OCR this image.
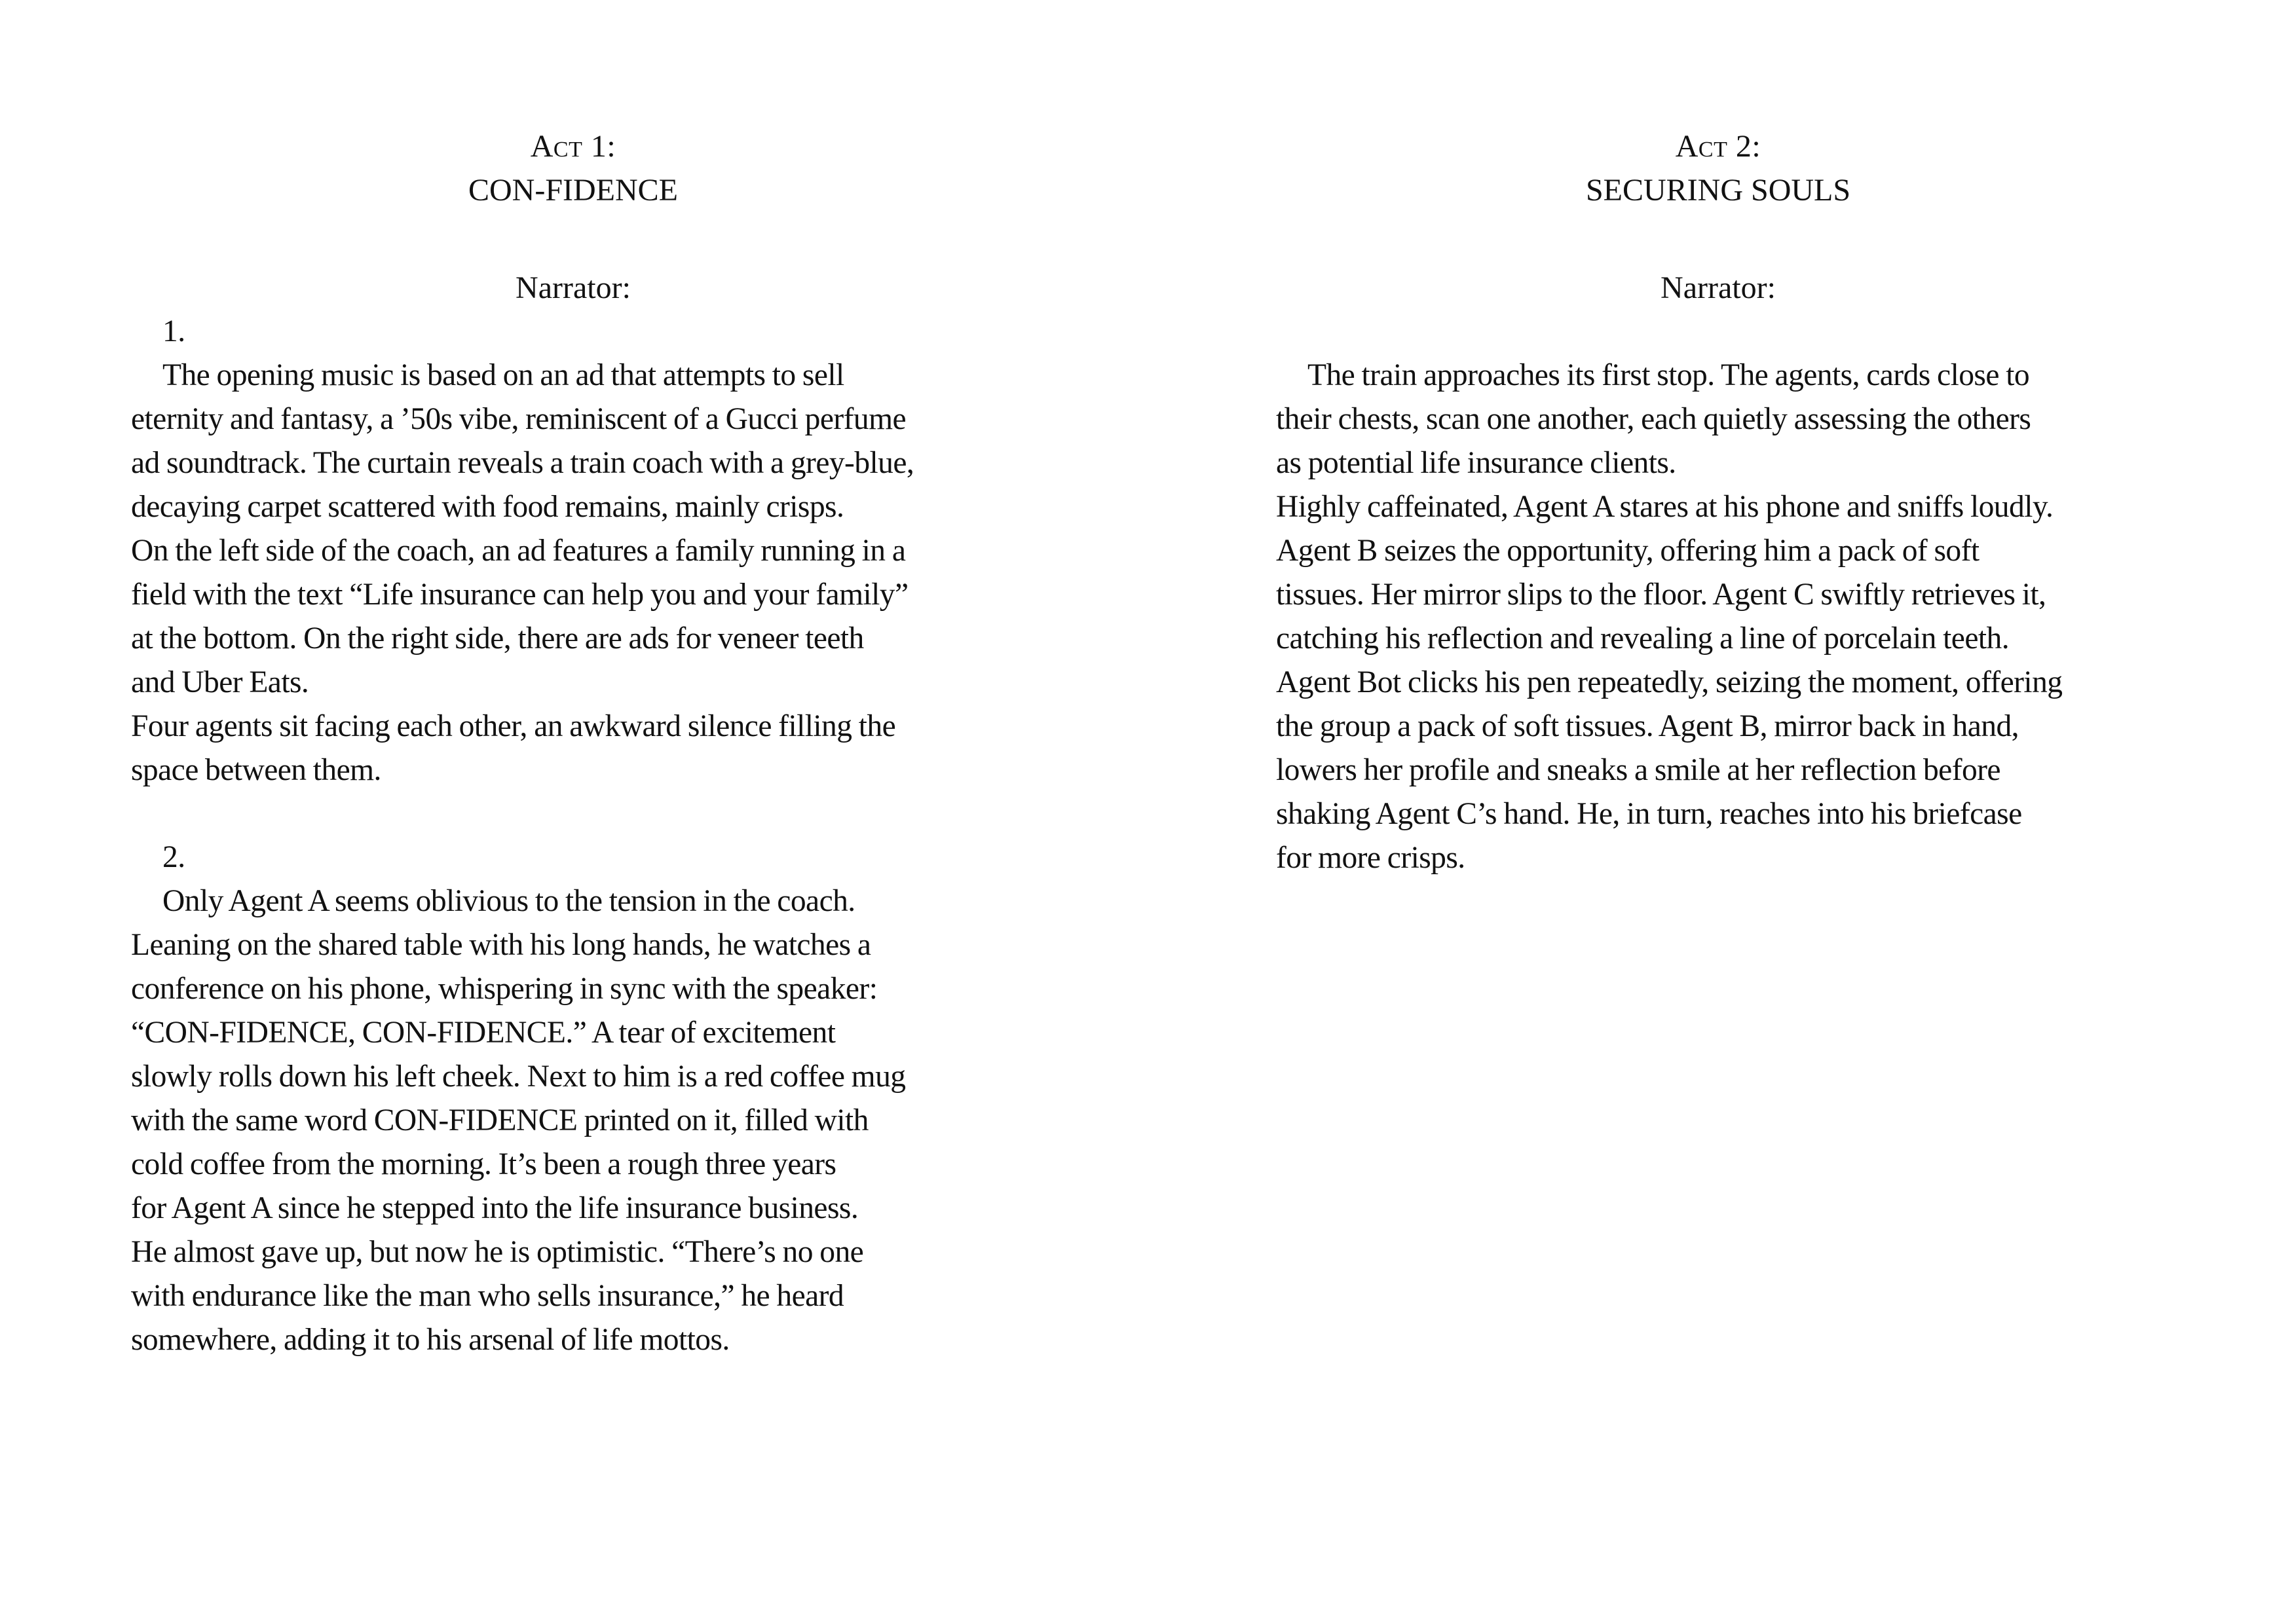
Act 1:
CON-FIDENCE
Narrator:
1.
The opening music is based on an ad that attempts to sell
eternity and fantasy, a ’50s vibe, reminiscent of a Gucci perfume
ad soundtrack. The curtain reveals a train coach with a grey-blue,
decaying carpet scattered with food remains, mainly crisps.
On the left side of the coach, an ad features a family running in a
field with the text “Life insurance can help you and your family”
at the bottom. On the right side, there are ads for veneer teeth
and Uber Eats.
Four agents sit facing each other, an awkward silence filling the
space between them.
2.
Only Agent A seems oblivious to the tension in the coach.
Leaning on the shared table with his long hands, he watches a
conference on his phone, whispering in sync with the speaker:
“CON-FIDENCE, CON-FIDENCE.” A tear of excitement
slowly rolls down his left cheek. Next to him is a red coffee mug
with the same word CON-FIDENCE printed on it, filled with
cold coffee from the morning. It’s been a rough three years
for Agent A since he stepped into the life insurance business.
He almost gave up, but now he is optimistic. “There’s no one
with endurance like the man who sells insurance,” he heard
somewhere, adding it to his arsenal of life mottos.
Act 2:
SECURING SOULS
Narrator:
The train approaches its first stop. The agents, cards close to
their chests, scan one another, each quietly assessing the others
as potential life insurance clients.
Highly caffeinated, Agent A stares at his phone and sniffs loudly.
Agent B seizes the opportunity, offering him a pack of soft
tissues. Her mirror slips to the floor. Agent C swiftly retrieves it,
catching his reflection and revealing a line of porcelain teeth.
Agent Bot clicks his pen repeatedly, seizing the moment, offering
the group a pack of soft tissues. Agent B, mirror back in hand,
lowers her profile and sneaks a smile at her reflection before
shaking Agent C’s hand. He, in turn, reaches into his briefcase
for more crisps.
